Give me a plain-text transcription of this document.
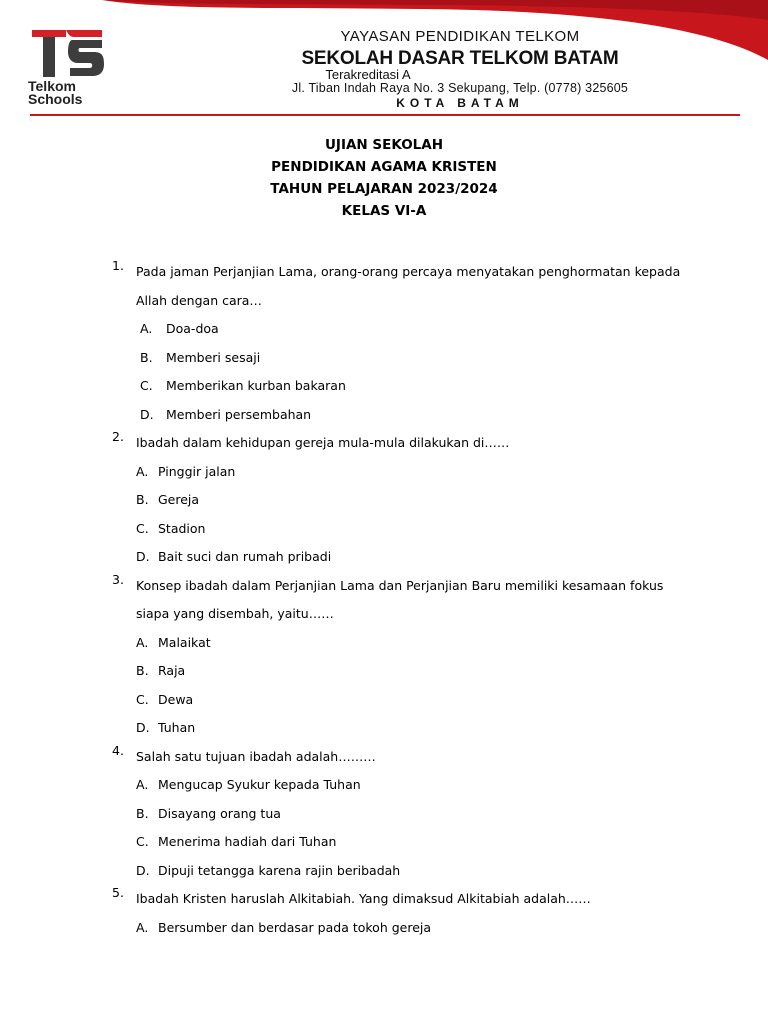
Telkom
Schools
YAYASAN PENDIDIKAN TELKOM
SEKOLAH DASAR TELKOM BATAM
Terakreditasi A
Jl. Tiban Indah Raya No. 3 Sekupang, Telp. (0778) 325605
KOTA BATAM
UJIAN SEKOLAH
PENDIDIKAN AGAMA KRISTEN
TAHUN PELAJARAN 2023/2024
KELAS VI-A
1. Pada jaman Perjanjian Lama, orang-orang percaya menyatakan penghormatan kepada
Allah dengan cara…
A. Doa-doa
B. Memberi sesaji
C. Memberikan kurban bakaran
D. Memberi persembahan
2. Ibadah dalam kehidupan gereja mula-mula dilakukan di……
A. Pinggir jalan
B. Gereja
C. Stadion
D. Bait suci dan rumah pribadi
3. Konsep ibadah dalam Perjanjian Lama dan Perjanjian Baru memiliki kesamaan fokus
siapa yang disembah, yaitu……
A. Malaikat
B. Raja
C. Dewa
D. Tuhan
4. Salah satu tujuan ibadah adalah………
A. Mengucap Syukur kepada Tuhan
B. Disayang orang tua
C. Menerima hadiah dari Tuhan
D. Dipuji tetangga karena rajin beribadah
5. Ibadah Kristen haruslah Alkitabiah. Yang dimaksud Alkitabiah adalah……
A. Bersumber dan berdasar pada tokoh gereja
